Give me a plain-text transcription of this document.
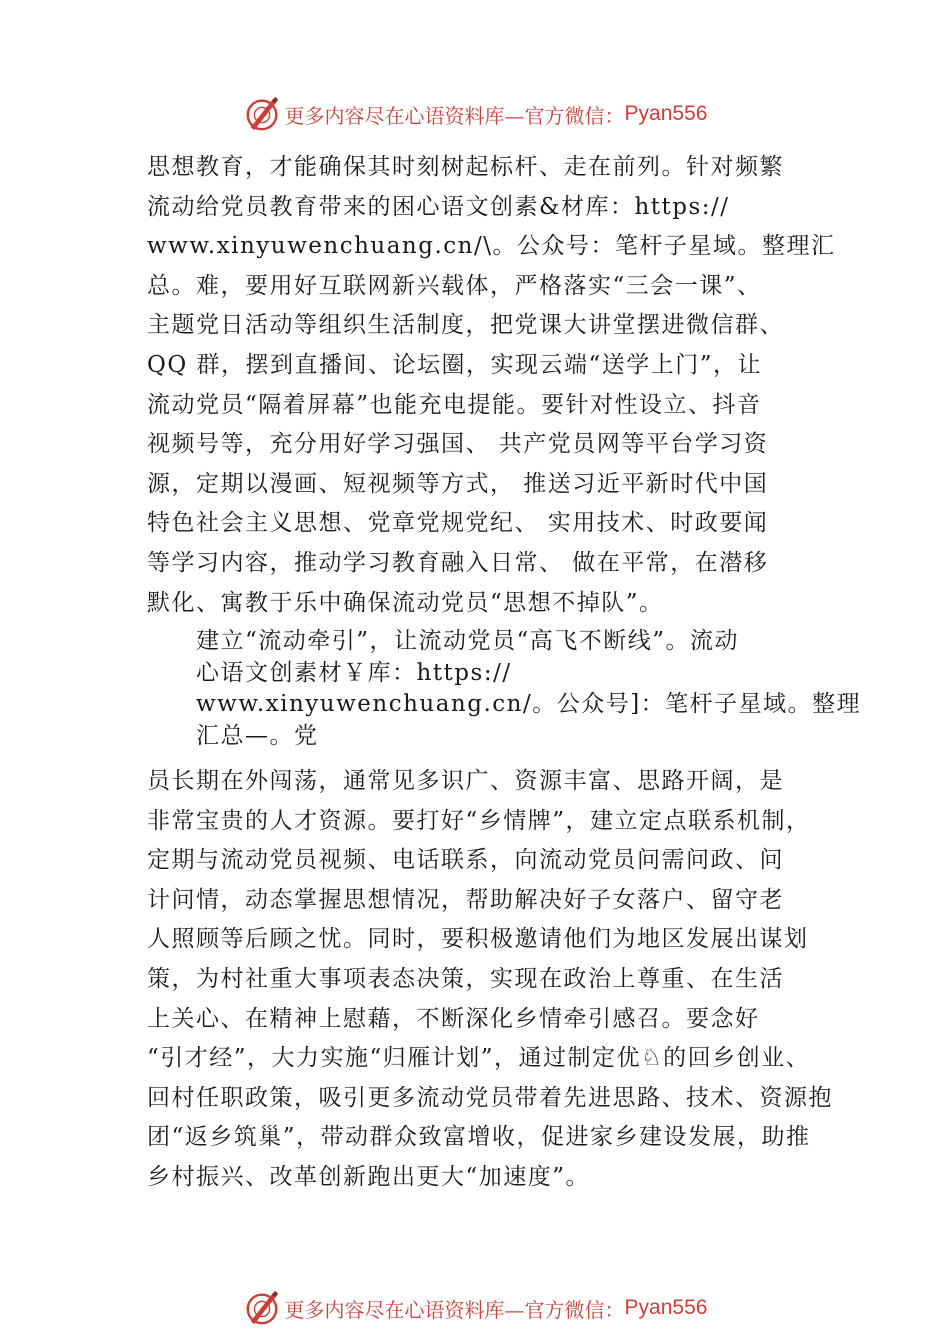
更多内容尽在心语资料库—官方微信： Pyan556
思想教育，才能确保其时刻树起标杆、走在前列。针对频繁
流动给党员教育带来的困心语文创素&材库：https://
www.xinyuwenchuang.cn/\。公众号：笔杆子星域。整理汇
总。难，要用好互联网新兴载体，严格落实“三会一课”、
主题党日活动等组织生活制度，把党课大讲堂摆进微信群、
QQ 群，摆到直播间、论坛圈，实现云端“送学上门”，让
流动党员“隔着屏幕”也能充电提能。要针对性设立、抖音
视频号等，充分用好学习强国、 共产党员网等平台学习资
源，定期以漫画、短视频等方式， 推送习近平新时代中国
特色社会主义思想、党章党规党纪、 实用技术、时政要闻
等学习内容，推动学习教育融入日常、 做在平常，在潜移
默化、寓教于乐中确保流动党员“思想不掉队”。
建立“流动牵引”，让流动党员“高飞不断线”。流动
心语文创素材￥库：https://
www.xinyuwenchuang.cn/。公众号]：笔杆子星域。整理
汇总—。党
员长期在外闯荡，通常见多识广、资源丰富、思路开阔，是
非常宝贵的人才资源。要打好“乡情牌”，建立定点联系机制，
定期与流动党员视频、电话联系，向流动党员问需问政、问
计问情，动态掌握思想情况，帮助解决好子女落户、留守老
人照顾等后顾之忧。同时，要积极邀请他们为地区发展出谋划
策，为村社重大事项表态决策，实现在政治上尊重、在生活
上关心、在精神上慰藉，不断深化乡情牵引感召。要念好
“引才经”，大力实施“归雁计划”，通过制定优♘的回乡创业、
回村任职政策，吸引更多流动党员带着先进思路、技术、资源抱
团“返乡筑巢”，带动群众致富增收，促进家乡建设发展，助推
乡村振兴、改革创新跑出更大“加速度”。
更多内容尽在心语资料库—官方微信： Pyan556
